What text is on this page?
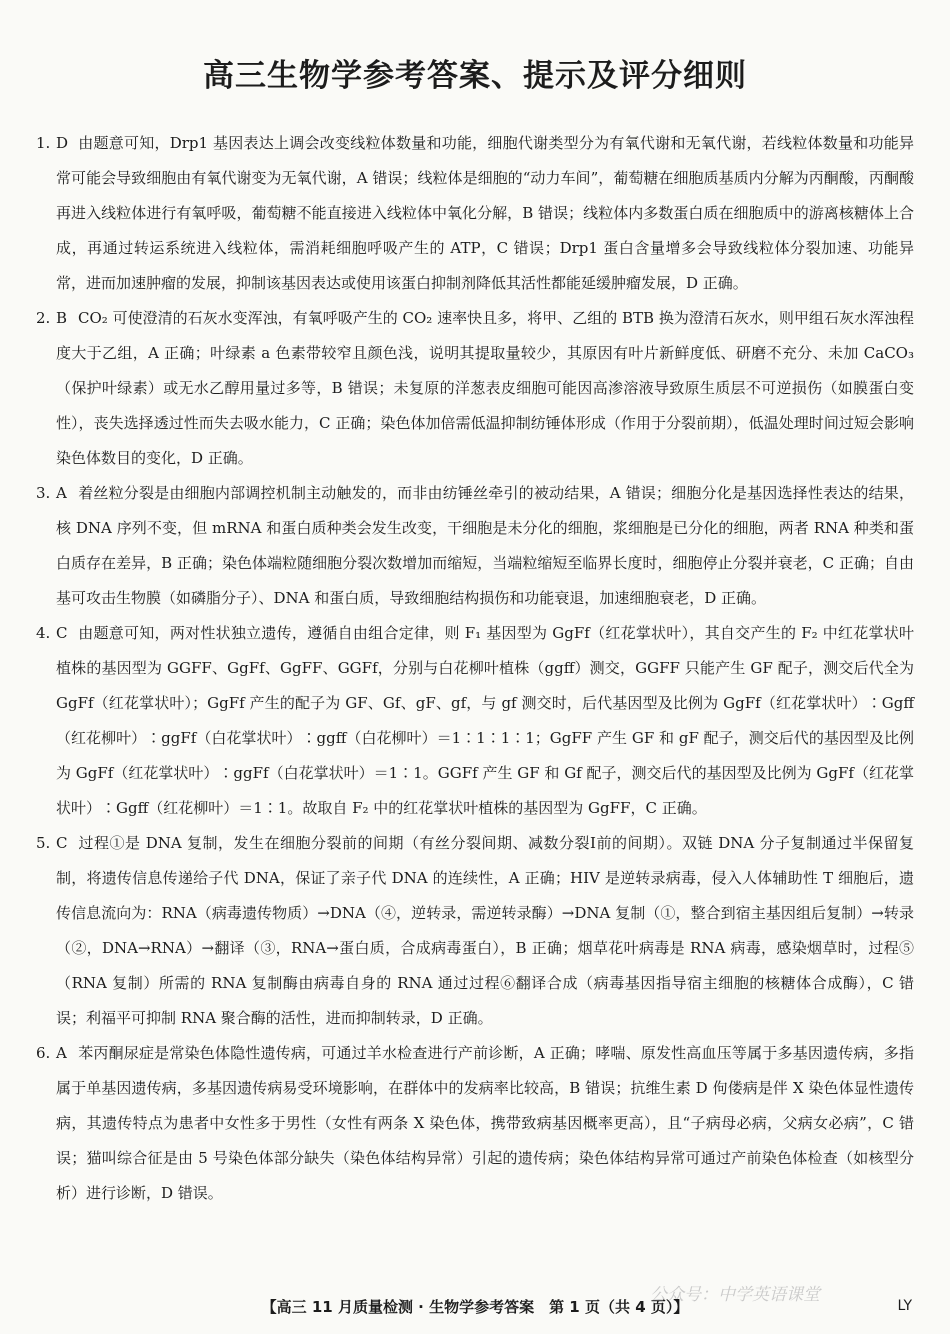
高三生物学参考答案、提示及评分细则

1. D 由题意可知，Drp1 基因表达上调会改变线粒体数量和功能，细胞代谢类型分为有氧代谢和无氧代谢，若线粒体数量和功能异常可能会导致细胞由有氧代谢变为无氧代谢，A 错误；线粒体是细胞的“动力车间”，葡萄糖在细胞质基质内分解为丙酮酸，丙酮酸再进入线粒体进行有氧呼吸，葡萄糖不能直接进入线粒体中氧化分解，B 错误；线粒体内多数蛋白质在细胞质中的游离核糖体上合成，再通过转运系统进入线粒体，需消耗细胞呼吸产生的 ATP，C 错误；Drp1 蛋白含量增多会导致线粒体分裂加速、功能异常，进而加速肿瘤的发展，抑制该基因表达或使用该蛋白抑制剂降低其活性都能延缓肿瘤发展，D 正确。

2. B CO₂ 可使澄清的石灰水变浑浊，有氧呼吸产生的 CO₂ 速率快且多，将甲、乙组的 BTB 换为澄清石灰水，则甲组石灰水浑浊程度大于乙组，A 正确；叶绿素 a 色素带较窄且颜色浅，说明其提取量较少，其原因有叶片新鲜度低、研磨不充分、未加 CaCO₃（保护叶绿素）或无水乙醇用量过多等，B 错误；未复原的洋葱表皮细胞可能因高渗溶液导致原生质层不可逆损伤（如膜蛋白变性），丧失选择透过性而失去吸水能力，C 正确；染色体加倍需低温抑制纺锤体形成（作用于分裂前期），低温处理时间过短会影响染色体数目的变化，D 正确。

3. A 着丝粒分裂是由细胞内部调控机制主动触发的，而非由纺锤丝牵引的被动结果，A 错误；细胞分化是基因选择性表达的结果，核 DNA 序列不变，但 mRNA 和蛋白质种类会发生改变，干细胞是未分化的细胞，浆细胞是已分化的细胞，两者 RNA 种类和蛋白质存在差异，B 正确；染色体端粒随细胞分裂次数增加而缩短，当端粒缩短至临界长度时，细胞停止分裂并衰老，C 正确；自由基可攻击生物膜（如磷脂分子）、DNA 和蛋白质，导致细胞结构损伤和功能衰退，加速细胞衰老，D 正确。

4. C 由题意可知，两对性状独立遗传，遵循自由组合定律，则 F₁ 基因型为 GgFf（红花掌状叶），其自交产生的 F₂ 中红花掌状叶植株的基因型为 GGFF、GgFf、GgFF、GGFf，分别与白花柳叶植株（ggff）测交，GGFF 只能产生 GF 配子，测交后代全为 GgFf（红花掌状叶）；GgFf 产生的配子为 GF、Gf、gF、gf，与 gf 测交时，后代基因型及比例为 GgFf（红花掌状叶）∶Ggff（红花柳叶）∶ggFf（白花掌状叶）∶ggff（白花柳叶）＝1∶1∶1∶1；GgFF 产生 GF 和 gF 配子，测交后代的基因型及比例为 GgFf（红花掌状叶）∶ggFf（白花掌状叶）＝1∶1。GGFf 产生 GF 和 Gf 配子，测交后代的基因型及比例为 GgFf（红花掌状叶）∶Ggff（红花柳叶）＝1∶1。故取自 F₂ 中的红花掌状叶植株的基因型为 GgFF，C 正确。

5. C 过程①是 DNA 复制，发生在细胞分裂前的间期（有丝分裂间期、减数分裂Ⅰ前的间期）。双链 DNA 分子复制通过半保留复制，将遗传信息传递给子代 DNA，保证了亲子代 DNA 的连续性，A 正确；HIV 是逆转录病毒，侵入人体辅助性 T 细胞后，遗传信息流向为：RNA（病毒遗传物质）→DNA（④，逆转录，需逆转录酶）→DNA 复制（①，整合到宿主基因组后复制）→转录（②，DNA→RNA）→翻译（③，RNA→蛋白质，合成病毒蛋白），B 正确；烟草花叶病毒是 RNA 病毒，感染烟草时，过程⑤（RNA 复制）所需的 RNA 复制酶由病毒自身的 RNA 通过过程⑥翻译合成（病毒基因指导宿主细胞的核糖体合成酶），C 错误；利福平可抑制 RNA 聚合酶的活性，进而抑制转录，D 正确。

6. A 苯丙酮尿症是常染色体隐性遗传病，可通过羊水检查进行产前诊断，A 正确；哮喘、原发性高血压等属于多基因遗传病，多指属于单基因遗传病，多基因遗传病易受环境影响，在群体中的发病率比较高，B 错误；抗维生素 D 佝偻病是伴 X 染色体显性遗传病，其遗传特点为患者中女性多于男性（女性有两条 X 染色体，携带致病基因概率更高），且“子病母必病，父病女必病”，C 错误；猫叫综合征是由 5 号染色体部分缺失（染色体结构异常）引起的遗传病；染色体结构异常可通过产前染色体检查（如核型分析）进行诊断，D 错误。

公众号：中学英语课堂
【高三 11 月质量检测 · 生物学参考答案　第 1 页（共 4 页）】	LY
